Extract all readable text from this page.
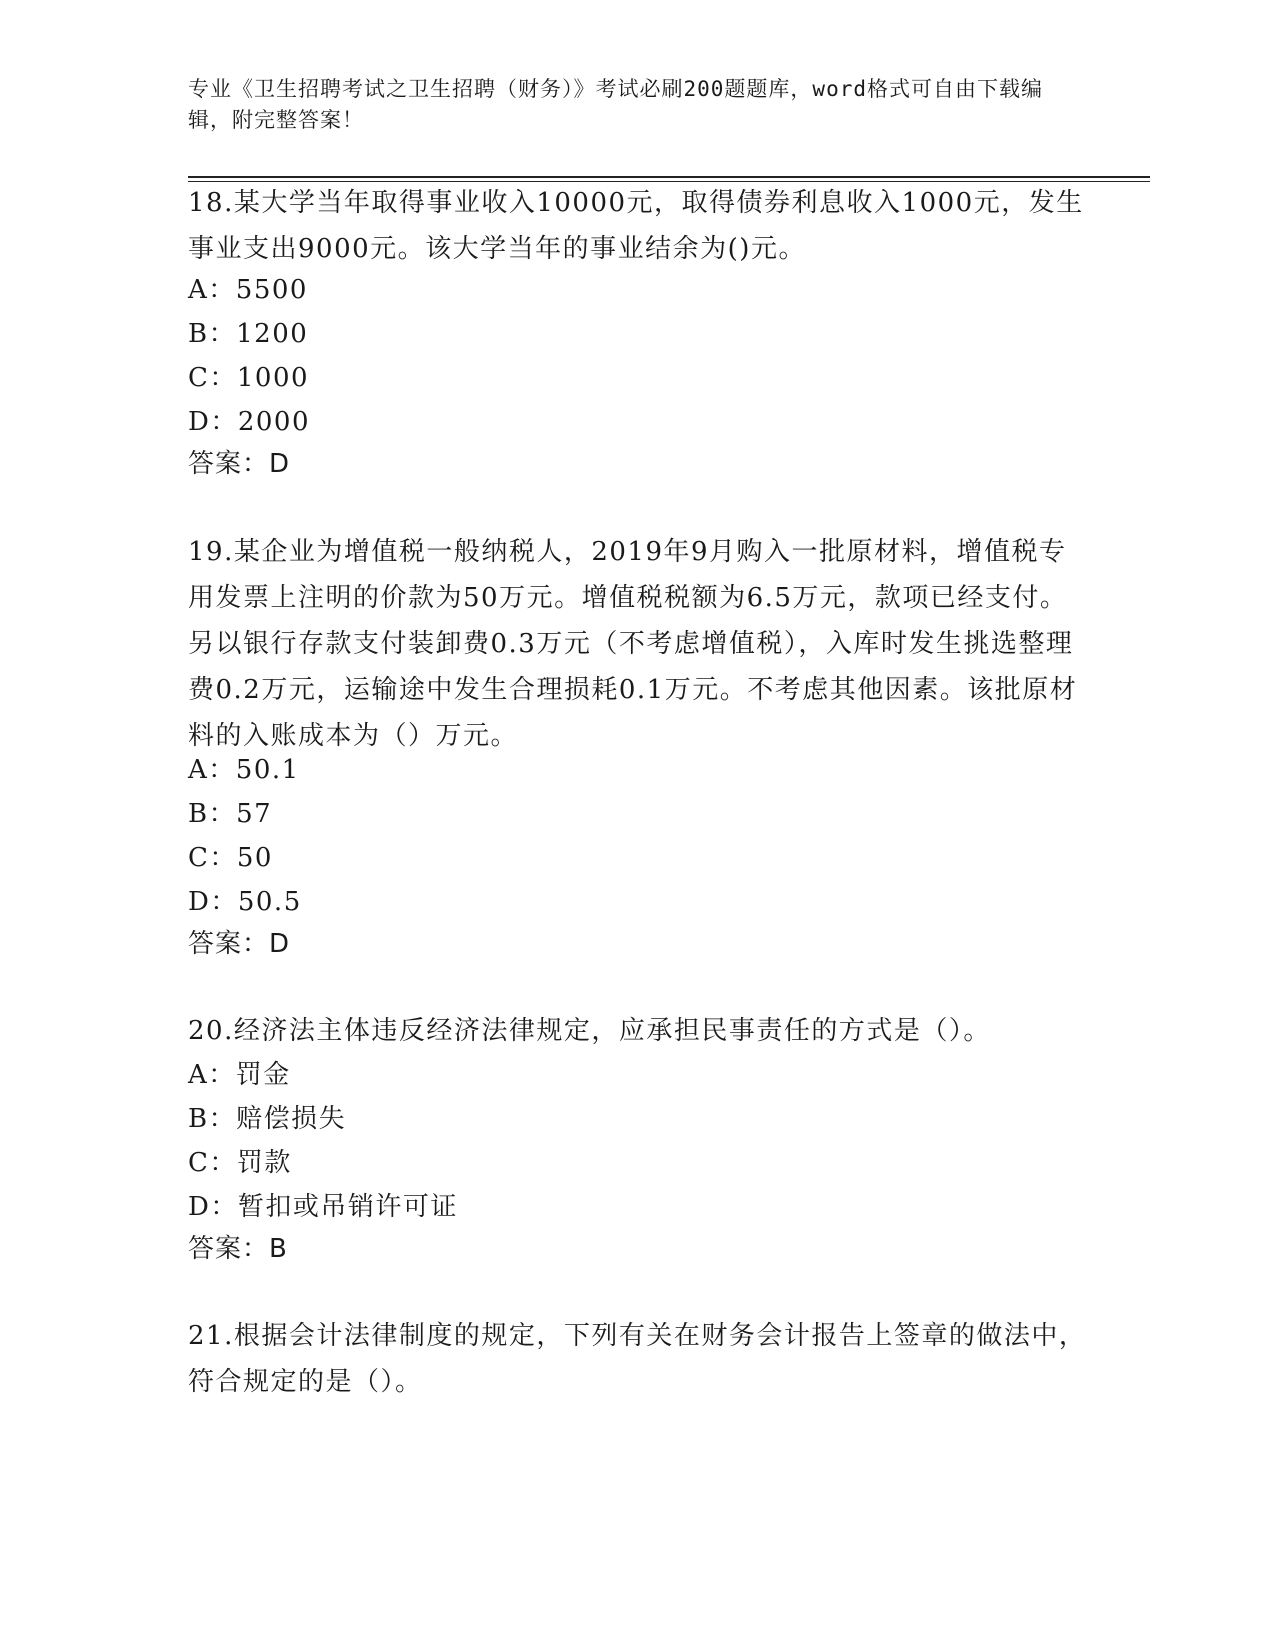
专业《卫生招聘考试之卫生招聘（财务）》考试必刷200题题库，word格式可自由下载编辑，附完整答案！
18.某大学当年取得事业收入10000元，取得债券利息收入1000元，发生事业支出9000元。该大学当年的事业结余为()元。
A：5500
B：1200
C：1000
D：2000
答案：D
19.某企业为增值税一般纳税人，2019年9月购入一批原材料，增值税专用发票上注明的价款为50万元。增值税税额为6.5万元，款项已经支付。另以银行存款支付装卸费0.3万元（不考虑增值税），入库时发生挑选整理费0.2万元，运输途中发生合理损耗0.1万元。不考虑其他因素。该批原材料的入账成本为（）万元。
A：50.1
B：57
C：50
D：50.5
答案：D
20.经济法主体违反经济法律规定，应承担民事责任的方式是（）。
A：罚金
B：赔偿损失
C：罚款
D：暂扣或吊销许可证
答案：B
21.根据会计法律制度的规定，下列有关在财务会计报告上签章的做法中，符合规定的是（）。
